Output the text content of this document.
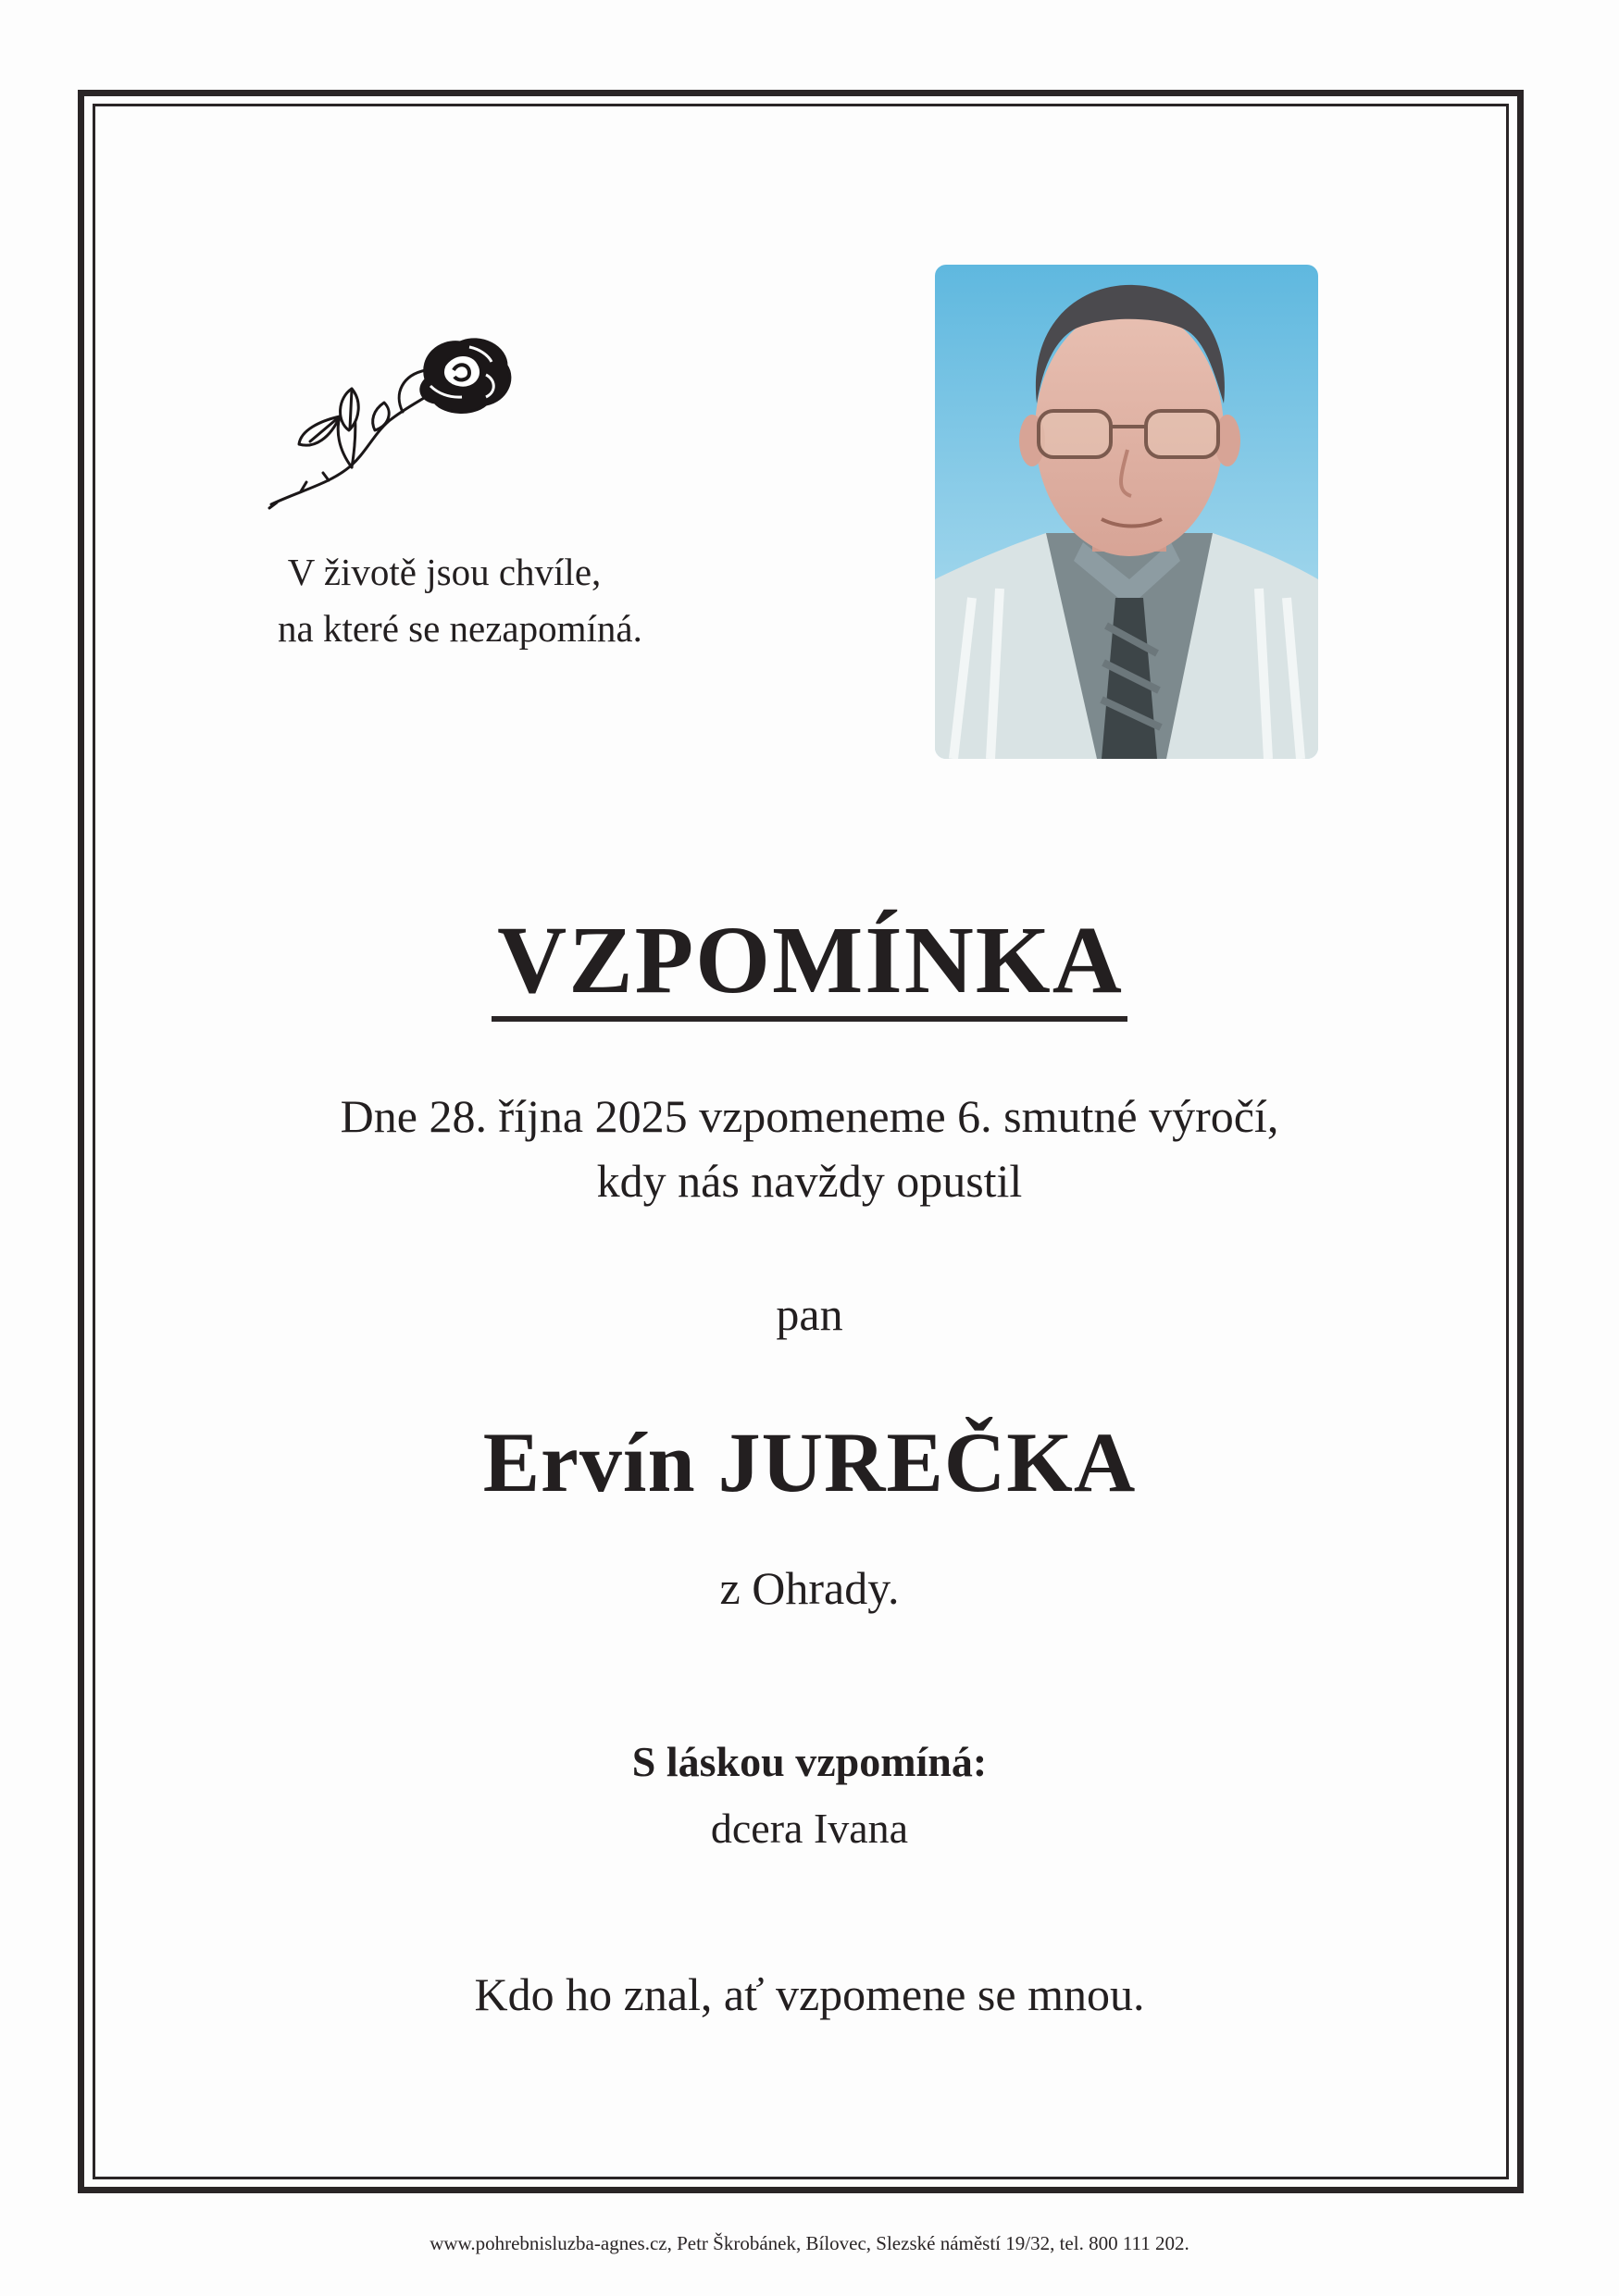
V životě jsou chvíle,
na které se nezapomíná.
VZPOMÍNKA
Dne 28. října 2025 vzpomeneme 6. smutné výročí,
kdy nás navždy opustil
pan
Ervín JUREČKA
z Ohrady.
S láskou vzpomíná:
dcera Ivana
Kdo ho znal, ať vzpomene se mnou.
www.pohrebnisluzba-agnes.cz, Petr Škrobánek, Bílovec, Slezské náměstí 19/32, tel. 800 111 202.
